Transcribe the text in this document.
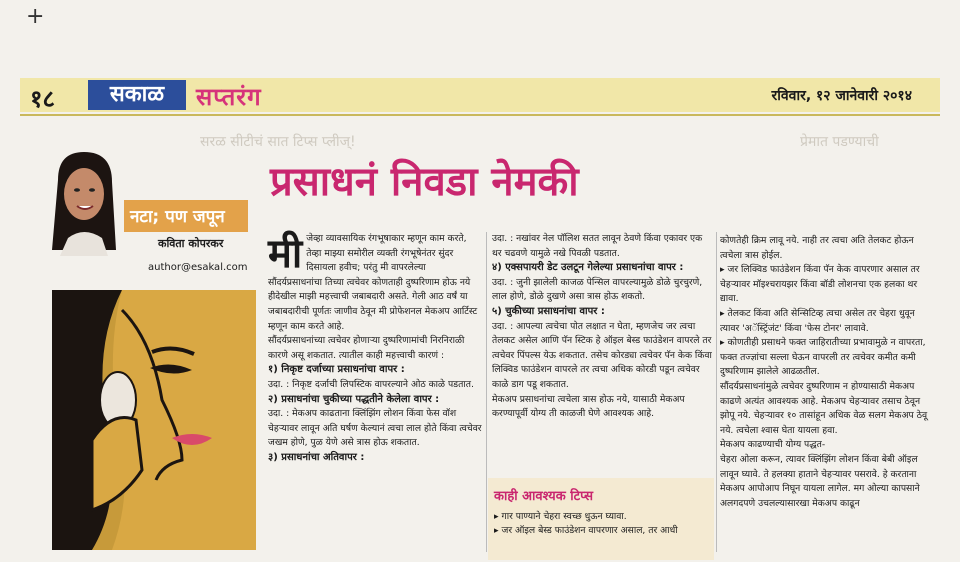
+
१८	सकाळ	सप्तरंग	रविवार, १२ जानेवारी २०१४
सरळ सीटीचं सात टिप्स प्लीज्!	प्रेमात पडण्याची
प्रसाधनं निवडा नेमकी
नटा; पण जपून
कविता कोपरकर
author@esakal.com मी जेव्हा व्यावसायिक रंगभूषाकार म्हणून काम करते, तेव्हा माझ्या समोरील व्यक्ती रंगभूषेनंतर सुंदर दिसायला हवीच; परंतु मी वापरलेल्या सौंदर्यप्रसाधनांचा तिच्या त्वचेवर कोणताही दुष्परिणाम होऊ नये हीदेखील माझी महत्त्वाची जबाबदारी असते. गेली आठ वर्षं या जबाबदारीची पूर्णतः जाणीव ठेवून मी प्रोफेशनल मेकअप आर्टिस्ट म्हणून काम करते आहे.

सौंदर्यप्रसाधनांच्या त्वचेवर होणाऱ्या दुष्परिणामांची निरनिराळी कारणे असू शकतात. त्यातील काही महत्त्वाची कारणं :

१) निकृष्ट दर्जाच्या प्रसाधनांचा वापर :

उदा. : निकृष्ट दर्जाची लिपस्टिक वापरल्याने ओठ काळे पडतात.

२) प्रसाधनांचा चुकीच्या पद्धतीने केलेला वापर :

उदा. : मेकअप काढताना क्लिंझिंग लोशन किंवा फेस वॉश चेहऱ्यावर लावून अति घर्षण केल्यानं त्वचा लाल होते किंवा त्वचेवर जखम होणे, पुळ येणे असे त्रास होऊ शकतात.

३) प्रसाधनांचा अतिवापर :

उदा. : नखांवर नेल पॉलिश सतत लावून ठेवणे किंवा एकावर एक थर चढवणे यामुळे नखे पिवळी पडतात.

४) एक्सपायरी डेट उलटून गेलेल्या प्रसाधनांचा वापर :

उदा. : जुनी झालेली काजळ पेन्सिल वापरल्यामुळे डोळे चुरचुरणे, लाल होणे, डोळे दुखणे असा त्रास होऊ शकतो.

५) चुकीच्या प्रसाधनांचा वापर :

उदा. : आपल्या त्वचेचा पोत लक्षात न घेता, म्हणजेच जर त्वचा तेलकट असेल आणि पॅन स्टिक हे ऑइल बेस्ड फाउंडेशन वापरले तर त्वचेवर पिंपल्स येऊ शकतात. तसेच कोरड्या त्वचेवर पॅन केक किंवा लिक्विड फाउंडेशन वापरले तर त्वचा अधिक कोरडी पडून त्वचेवर काळे डाग पडू शकतात.

मेकअप प्रसाधनांचा त्वचेला त्रास होऊ नये, यासाठी मेकअप करण्यापूर्वी योग्य ती काळजी घेणे आवश्यक आहे.

काही आवश्यक टिप्स

▸ गार पाण्याने चेहरा स्वच्छ धुऊन घ्यावा.

▸ जर ऑइल बेस्ड फाउंडेशन वापरणार असाल, तर आधी

कोणतेही क्रिम लावू नये. नाही तर त्वचा अति तेलकट होऊन त्वचेला त्रास होईल.

▸ जर लिक्विड फाउंडेशन किंवा पॅन केक वापरणार असाल तर चेहऱ्यावर मॉइश्चरायझर किंवा बॉडी लोशनचा एक हलका थर द्यावा.

▸ तेलकट किंवा अति सेन्सिटिव्ह त्वचा असेल तर चेहरा धुवून त्यावर 'अॅस्ट्रिंजंट' किंवा 'फेस टोनर' लावावे.

▸ कोणतीही प्रसाधने फक्त जाहिरातीच्या प्रभावामुळे न वापरता, फक्त तज्ज्ञांचा सल्ला घेऊन वापरली तर त्वचेवर कमीत कमी दुष्परिणाम झालेले आढळतील.

सौंदर्यप्रसाधनांमुळे त्वचेवर दुष्परिणाम न होण्यासाठी मेकअप काढणे अत्यंत आवश्यक आहे. मेकअप चेहऱ्यावर तसाच ठेवून झोपू नये. चेहऱ्यावर १० तासांहून अधिक वेळ सलग मेकअप ठेवू नये. त्वचेला श्वास घेता यायला हवा.

मेकअप काढण्याची योग्य पद्धत-

चेहरा ओला करून, त्यावर क्लिंझिंग लोशन किंवा बेबी ऑइल लावून घ्यावे. ते हलक्या हाताने चेहऱ्यावर पसरावे. हे करताना मेकअप आपोआप निघून यायला लागेल. मग ओल्या कापसाने अलगदपणे उचलल्यासारखा मेकअप काढून
